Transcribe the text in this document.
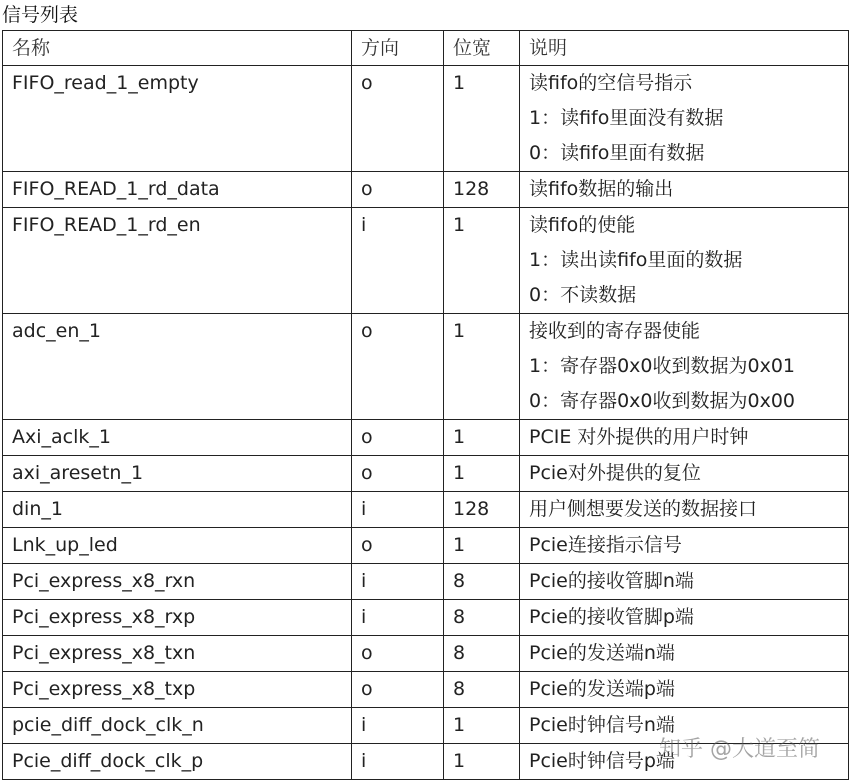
信号列表
名称	方向	位宽	说明
FIFO_read_1_empty	o	1	读fifo的空信号指示
1：读fifo里面没有数据
0：读fifo里面有数据

FIFO_READ_1_rd_data	o	128	读fifo数据的输出

FIFO_READ_1_rd_en	i	1	读fifo的使能
1：读出读fifo里面的数据
0：不读数据

adc_en_1	o	1	接收到的寄存器使能
1：寄存器0x0收到数据为0x01
0：寄存器0x0收到数据为0x00

Axi_aclk_1	o	1	PCIE 对外提供的用户时钟

axi_aresetn_1	o	1	Pcie对外提供的复位

din_1	i	128	用户侧想要发送的数据接口

Lnk_up_led	o	1	Pcie连接指示信号

Pci_express_x8_rxn	i	8	Pcie的接收管脚n端

Pci_express_x8_rxp	i	8	Pcie的接收管脚p端

Pci_express_x8_txn	o	8	Pcie的发送端n端

Pci_express_x8_txp	o	8	Pcie的发送端p端

pcie_diff_dock_clk_n	i	1	Pcie时钟信号n端

Pcie_diff_dock_clk_p	i	1	Pcie时钟信号p端
知乎 @大道至简
